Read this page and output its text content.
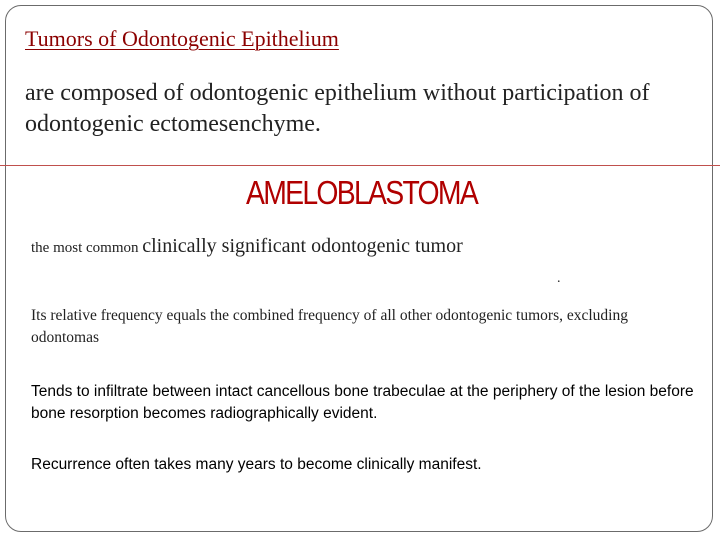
Tumors of Odontogenic Epithelium
are composed of odontogenic epithelium without participation of odontogenic ectomesenchyme.
AMELOBLASTOMA
the most common clinically significant odontogenic tumor
.
Its relative frequency equals the combined frequency of all other odontogenic tumors, excluding odontomas
Tends to infiltrate between intact cancellous bone trabeculae at the periphery of the lesion before bone resorption becomes radiographically evident.
Recurrence often takes many years to become clinically manifest.
